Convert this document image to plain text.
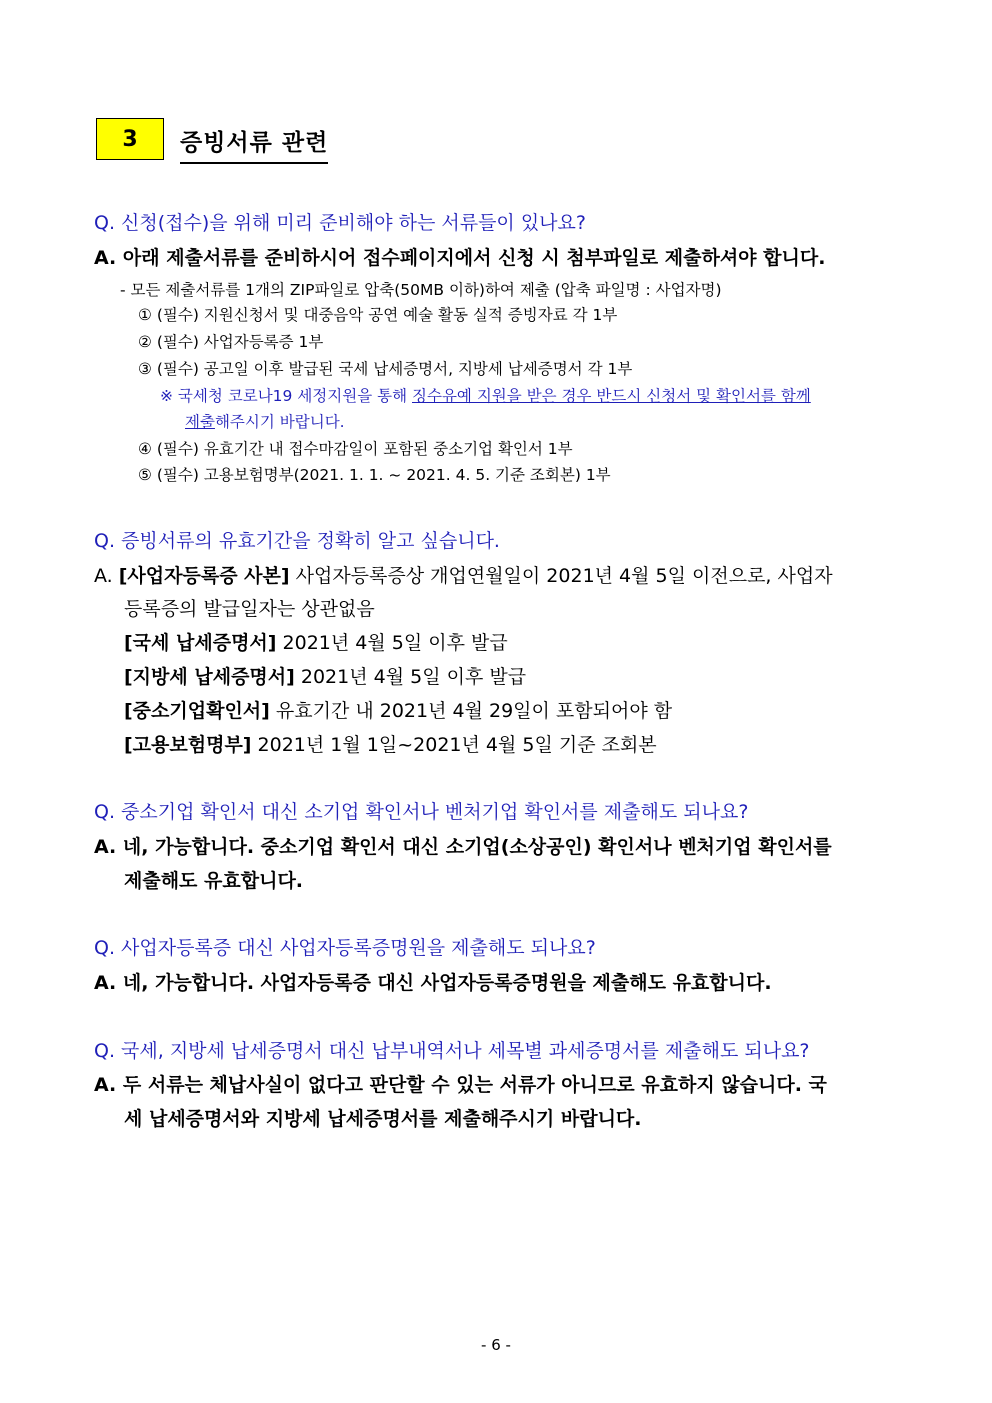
3	증빙서류 관련
Q. 신청(접수)을 위해 미리 준비해야 하는 서류들이 있나요?
A. 아래 제출서류를 준비하시어 접수페이지에서 신청 시 첨부파일로 제출하셔야 합니다.
- 모든 제출서류를 1개의 ZIP파일로 압축(50MB 이하)하여 제출 (압축 파일명 : 사업자명)
① (필수) 지원신청서 및 대중음악 공연 예술 활동 실적 증빙자료 각 1부
② (필수) 사업자등록증 1부
③ (필수) 공고일 이후 발급된 국세 납세증명서, 지방세 납세증명서 각 1부
※ 국세청 코로나19 세정지원을 통해 징수유예 지원을 받은 경우 반드시 신청서 및 확인서를 함께
제출해주시기 바랍니다.
④ (필수) 유효기간 내 접수마감일이 포함된 중소기업 확인서 1부
⑤ (필수) 고용보험명부(2021. 1. 1. ~ 2021. 4. 5. 기준 조회본) 1부
Q. 증빙서류의 유효기간을 정확히 알고 싶습니다.
A. [사업자등록증 사본] 사업자등록증상 개업연월일이 2021년 4월 5일 이전으로, 사업자
등록증의 발급일자는 상관없음
[국세 납세증명서] 2021년 4월 5일 이후 발급
[지방세 납세증명서] 2021년 4월 5일 이후 발급
[중소기업확인서] 유효기간 내 2021년 4월 29일이 포함되어야 함
[고용보험명부] 2021년 1월 1일~2021년 4월 5일 기준 조회본
Q. 중소기업 확인서 대신 소기업 확인서나 벤처기업 확인서를 제출해도 되나요?
A. 네, 가능합니다. 중소기업 확인서 대신 소기업(소상공인) 확인서나 벤처기업 확인서를
제출해도 유효합니다.
Q. 사업자등록증 대신 사업자등록증명원을 제출해도 되나요?
A. 네, 가능합니다. 사업자등록증 대신 사업자등록증명원을 제출해도 유효합니다.
Q. 국세, 지방세 납세증명서 대신 납부내역서나 세목별 과세증명서를 제출해도 되나요?
A. 두 서류는 체납사실이 없다고 판단할 수 있는 서류가 아니므로 유효하지 않습니다. 국
세 납세증명서와 지방세 납세증명서를 제출해주시기 바랍니다.
- 6 -
